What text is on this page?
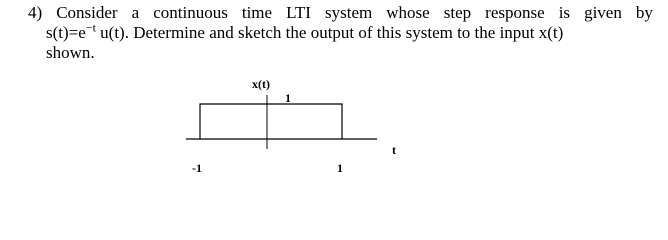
4) Consider a continuous time LTI system whose step response is given by
$s(t)=e^{-t}$ u(t). Determine and sketch the output of this system to the input x(t)
shown.
x(t)
1
t
-1	1
